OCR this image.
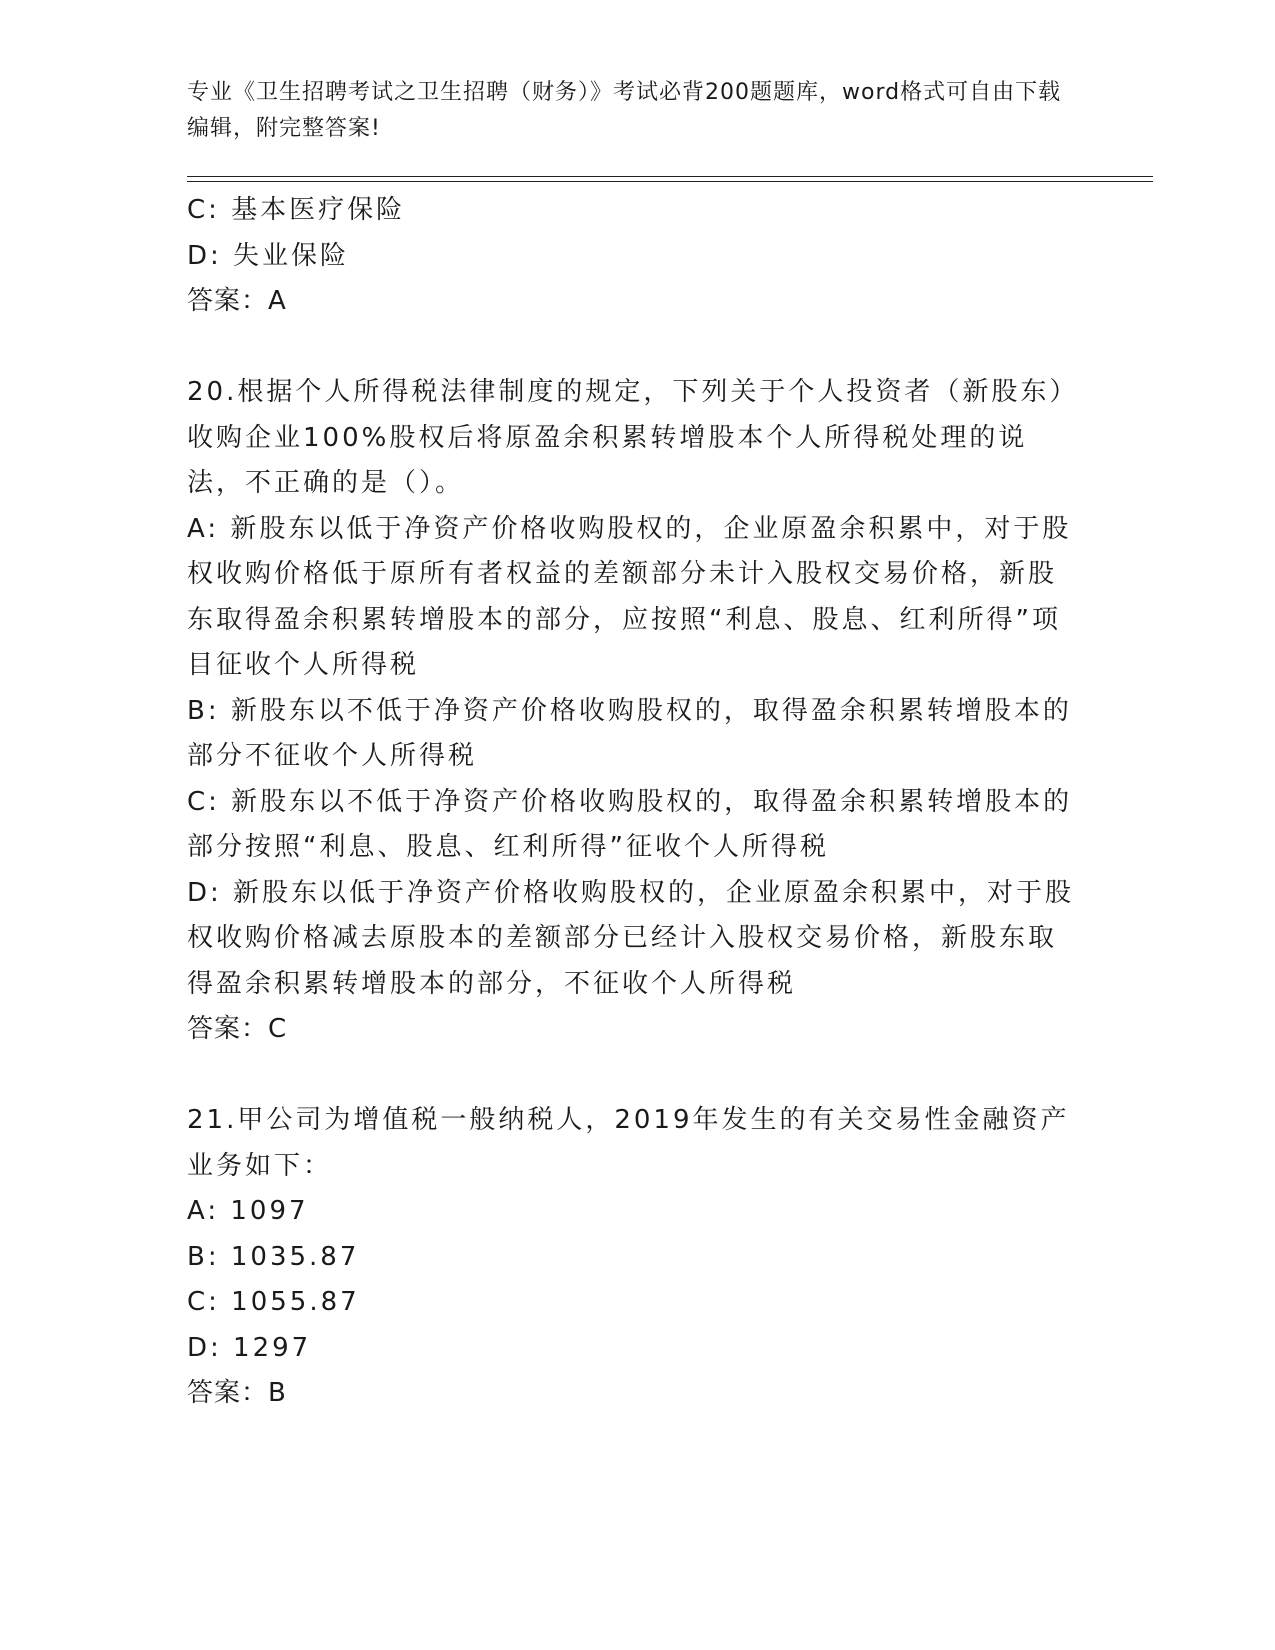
专业《卫生招聘考试之卫生招聘（财务）》考试必背200题题库，word格式可自由下载编辑，附完整答案!
C: 基本医疗保险
D: 失业保险
答案：A
20.根据个人所得税法律制度的规定，下列关于个人投资者（新股东）收购企业100%股权后将原盈余积累转增股本个人所得税处理的说法，不正确的是（）。
A: 新股东以低于净资产价格收购股权的，企业原盈余积累中，对于股权收购价格低于原所有者权益的差额部分未计入股权交易价格，新股东取得盈余积累转增股本的部分，应按照“利息、股息、红利所得”项目征收个人所得税
B: 新股东以不低于净资产价格收购股权的，取得盈余积累转增股本的部分不征收个人所得税
C: 新股东以不低于净资产价格收购股权的，取得盈余积累转增股本的部分按照“利息、股息、红利所得”征收个人所得税
D: 新股东以低于净资产价格收购股权的，企业原盈余积累中，对于股权收购价格减去原股本的差额部分已经计入股权交易价格，新股东取得盈余积累转增股本的部分，不征收个人所得税
答案：C
21.甲公司为增值税一般纳税人，2019年发生的有关交易性金融资产业务如下：
A: 1097
B: 1035.87
C: 1055.87
D: 1297
答案：B
